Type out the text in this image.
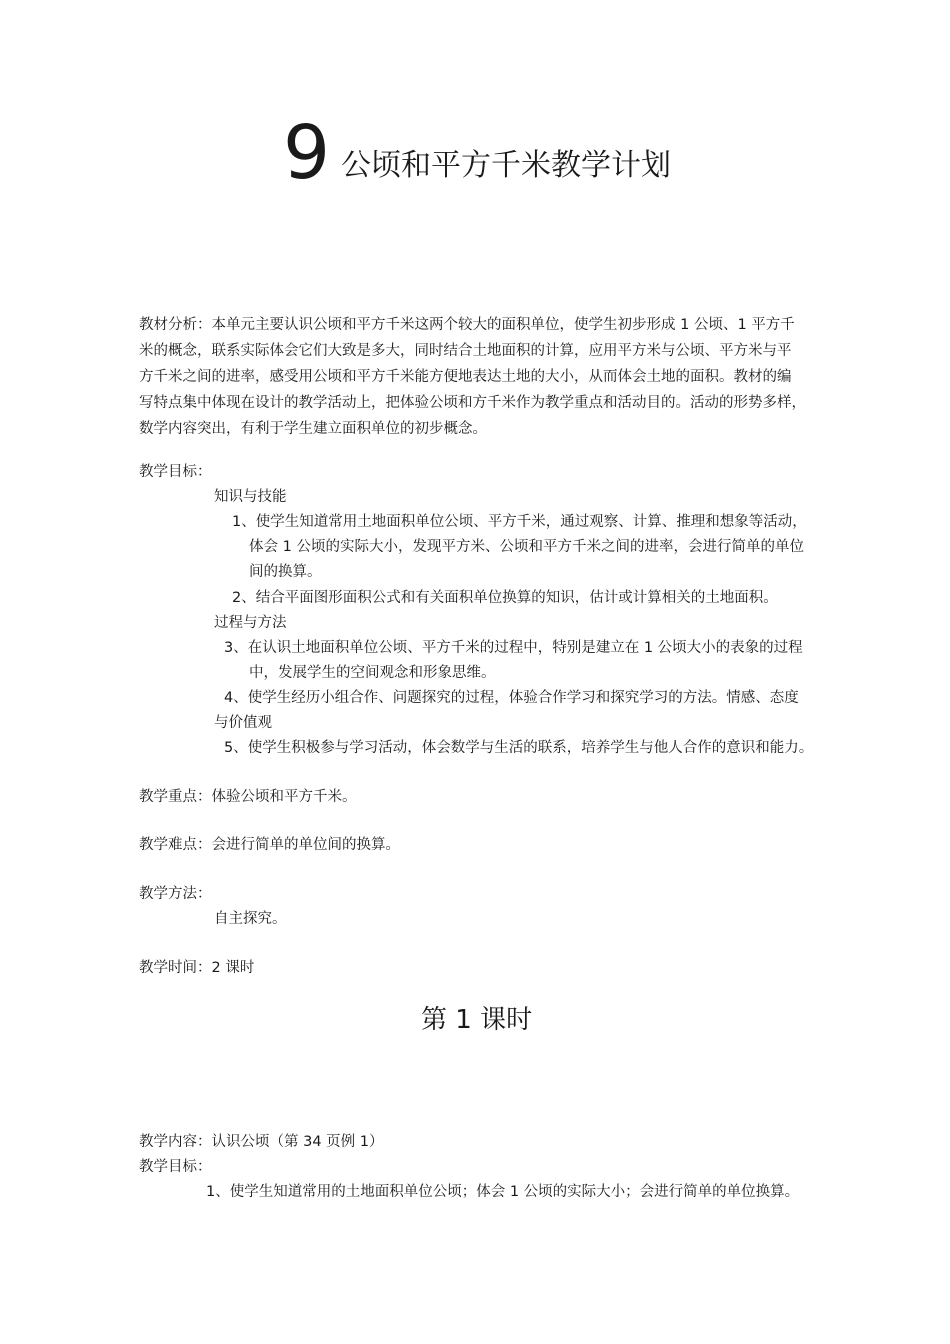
9 公顷和平方千米教学计划
教材分析：本单元主要认识公顷和平方千米这两个较大的面积单位，使学生初步形成 1 公顷、1 平方千
米的概念，联系实际体会它们大致是多大，同时结合土地面积的计算，应用平方米与公顷、平方米与平
方千米之间的进率，感受用公顷和平方千米能方便地表达土地的大小，从而体会土地的面积。教材的编
写特点集中体现在设计的教学活动上，把体验公顷和方千米作为教学重点和活动目的。活动的形势多样，
数学内容突出，有利于学生建立面积单位的初步概念。
教学目标：
知识与技能
1、使学生知道常用土地面积单位公顷、平方千米，通过观察、计算、推理和想象等活动，
体会 1 公顷的实际大小，发现平方米、公顷和平方千米之间的进率，会进行简单的单位
间的换算。
2、结合平面图形面积公式和有关面积单位换算的知识，估计或计算相关的土地面积。
过程与方法
3、在认识土地面积单位公顷、平方千米的过程中，特别是建立在 1 公顷大小的表象的过程
中，发展学生的空间观念和形象思维。
4、使学生经历小组合作、问题探究的过程，体验合作学习和探究学习的方法。情感、态度
与价值观
5、使学生积极参与学习活动，体会数学与生活的联系，培养学生与他人合作的意识和能力。
教学重点：体验公顷和平方千米。
教学难点：会进行简单的单位间的换算。
教学方法：
自主探究。
教学时间：2 课时
第 1 课时
教学内容：认识公顷（第 34 页例 1）
教学目标：
1、使学生知道常用的土地面积单位公顷；体会 1 公顷的实际大小；会进行简单的单位换算。
